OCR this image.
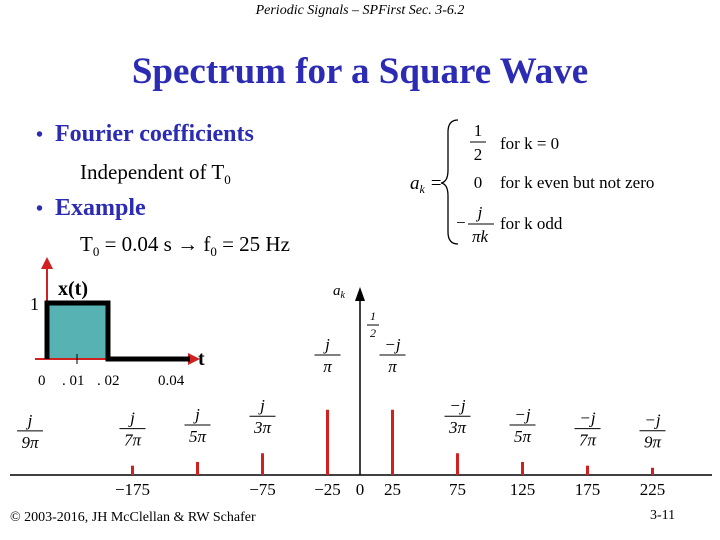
Periodic Signals – SPFirst Sec. 3-6.2
Spectrum for a Square Wave
• Fourier coefficients
Independent of $T_0$
• Example
$T_0 = 0.04$ $s \to f_0 = 25$ Hz
$a_k$ =
1
2
for k = 0
0 for k even but not zero
−
j
πk
for k odd
x(t)
1
t
0 . 01 . 02	0.04
$a_k$
j
9π
j
7π
j
5π
j
3π
j
π
1
2
−j
π
−j
3π
−j
5π
−j
7π
−j
9π
−175	−75 −25 0 25	75	125 175 225
© 2003-2016, JH McClellan & RW Schafer	3-11
